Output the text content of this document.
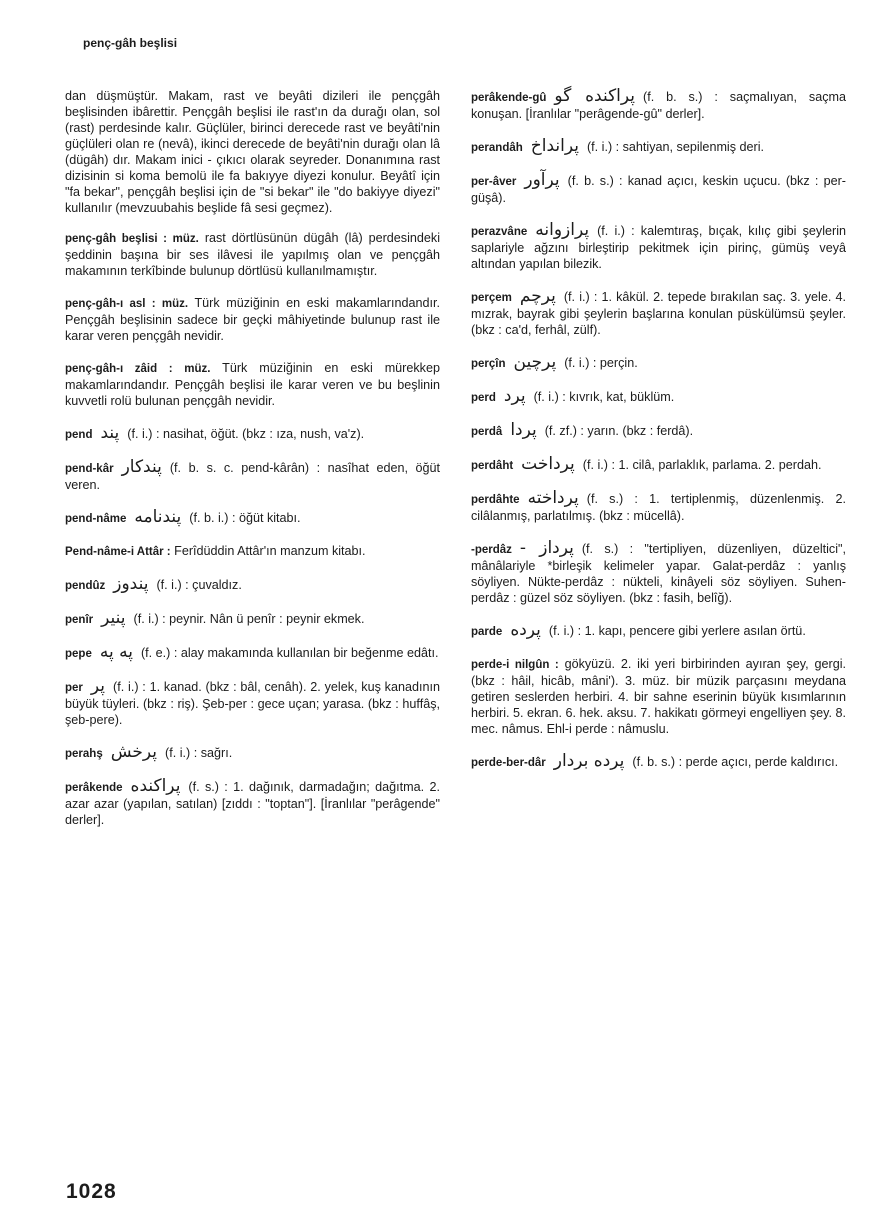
penç-gâh beşlisi

dan düşmüştür. Makam, rast ve beyâti dizileri ile pençgâh beşlisinden ibârettir. Pençgâh beşlisi ile rast'ın da durağı olan, sol (rast) perdesinde kalır. Güçlüler, birinci derecede rast ve beyâti'nin güçlüleri olan re (nevâ), ikinci derecede de beyâti'nin durağı olan lâ (dügâh) dır. Makam inici - çıkıcı olarak seyreder. Donanımına rast dizisinin si koma bemolü ile fa bakıyye diyezi konulur. Beyâtî için "fa bekar", pençgâh beşlisi için de "si bekar" ile "do bakiyye diyezi" kullanılır (mevzuubahis beşlide fâ sesi geçmez).

penç-gâh beşlisi : müz. rast dörtlüsünün dügâh (lâ) perdesindeki şeddinin başına bir ses ilâvesi ile yapılmış olan ve pençgâh makamının terkîbinde bulunup dörtlüsü kullanılmamıştır.

penç-gâh-ı asl : müz. Türk müziğinin en eski makamlarındandır. Pençgâh beşlisinin sadece bir geçki mâhiyetinde bulunup rast ile karar veren pençgâh nevidir.

penç-gâh-ı zâid : müz. Türk müziğinin en eski mürekkep makamlarındandır. Pençgâh beşlisi ile karar veren ve bu beşlinin kuvvetli rolü bulunan pençgâh nevidir.

pend پند (f. i.) : nasihat, öğüt. (bkz : ıza, nush, va'z).

pend-kâr پندكار (f. b. s. c. pend-kârân) : nasîhat eden, öğüt veren.

pend-nâme پندنامه (f. b. i.) : öğüt kitabı.

Pend-nâme-i Attâr : Ferîdüddin Attâr'ın manzum kitabı.

pendûz پندوز (f. i.) : çuvaldız.

penîr پنير (f. i.) : peynir. Nân ü penîr : peynir ekmek.

pepe په په (f. e.) : alay makamında kullanılan bir beğenme edâtı.

per پر (f. i.) : 1. kanad. (bkz : bâl, cenâh). 2. yelek, kuş kanadının büyük tüyleri. (bkz : riş). Şeb-per : gece uçan; yarasa. (bkz : huffâş, şeb-pere).

perahş پرخش (f. i.) : sağrı.

perâkende پراكنده (f. s.) : 1. dağınık, darmadağın; dağıtma. 2. azar azar (yapılan, satılan) [zıddı : "toptan"]. [İranlılar "perâgende" derler].

perâkende-gû پراكنده گو (f. b. s.) : saçmalıyan, saçma konuşan. [İranlılar "perâgende-gû" derler].

perandâh پرانداخ (f. i.) : sahtiyan, sepilenmiş deri.

per-âver پرآور (f. b. s.) : kanad açıcı, keskin uçucu. (bkz : per-güşâ).

perazvâne پرازوانه (f. i.) : kalemtıraş, bıçak, kılıç gibi şeylerin saplariyle ağzını birleştirip pekitmek için pirinç, gümüş veyâ altından yapılan bilezik.

perçem پرچم (f. i.) : 1. kâkül. 2. tepede bırakılan saç. 3. yele. 4. mızrak, bayrak gibi şeylerin başlarına konulan püskülümsü şeyler. (bkz : ca'd, ferhâl, zülf).

perçîn پرچين (f. i.) : perçin.

perd پرد (f. i.) : kıvrık, kat, büklüm.

perdâ پردا (f. zf.) : yarın. (bkz : ferdâ).

perdâht پرداخت (f. i.) : 1. cilâ, parlaklık, parlama. 2. perdah.

perdâhte پرداخته (f. s.) : 1. tertiplenmiş, düzenlenmiş. 2. cilâlanmış, parlatılmış. (bkz : mücellâ).

-perdâz پرداز - (f. s.) : "tertipliyen, düzenliyen, düzeltici", mânâlariyle *birleşik kelimeler yapar. Galat-perdâz : yanlış söyliyen. Nükte-perdâz : nükteli, kinâyeli söz söyliyen. Suhen-perdâz : güzel söz söyliyen. (bkz : fasih, belîğ).

parde پرده (f. i.) : 1. kapı, pencere gibi yerlere asılan örtü.

perde-i nilgûn : gökyüzü. 2. iki yeri birbirinden ayıran şey, gergi. (bkz : hâil, hicâb, mâni'). 3. müz. bir müzik parçasını meydana getiren seslerden herbiri. 4. bir sahne eserinin büyük kısımlarının herbiri. 5. ekran. 6. hek. aksu. 7. hakikatı görmeyi engelliyen şey. 8. mec. nâmus. Ehl-i perde : nâmuslu.

perde-ber-dâr پرده بردار (f. b. s.) : perde açıcı, perde kaldırıcı.

1028
